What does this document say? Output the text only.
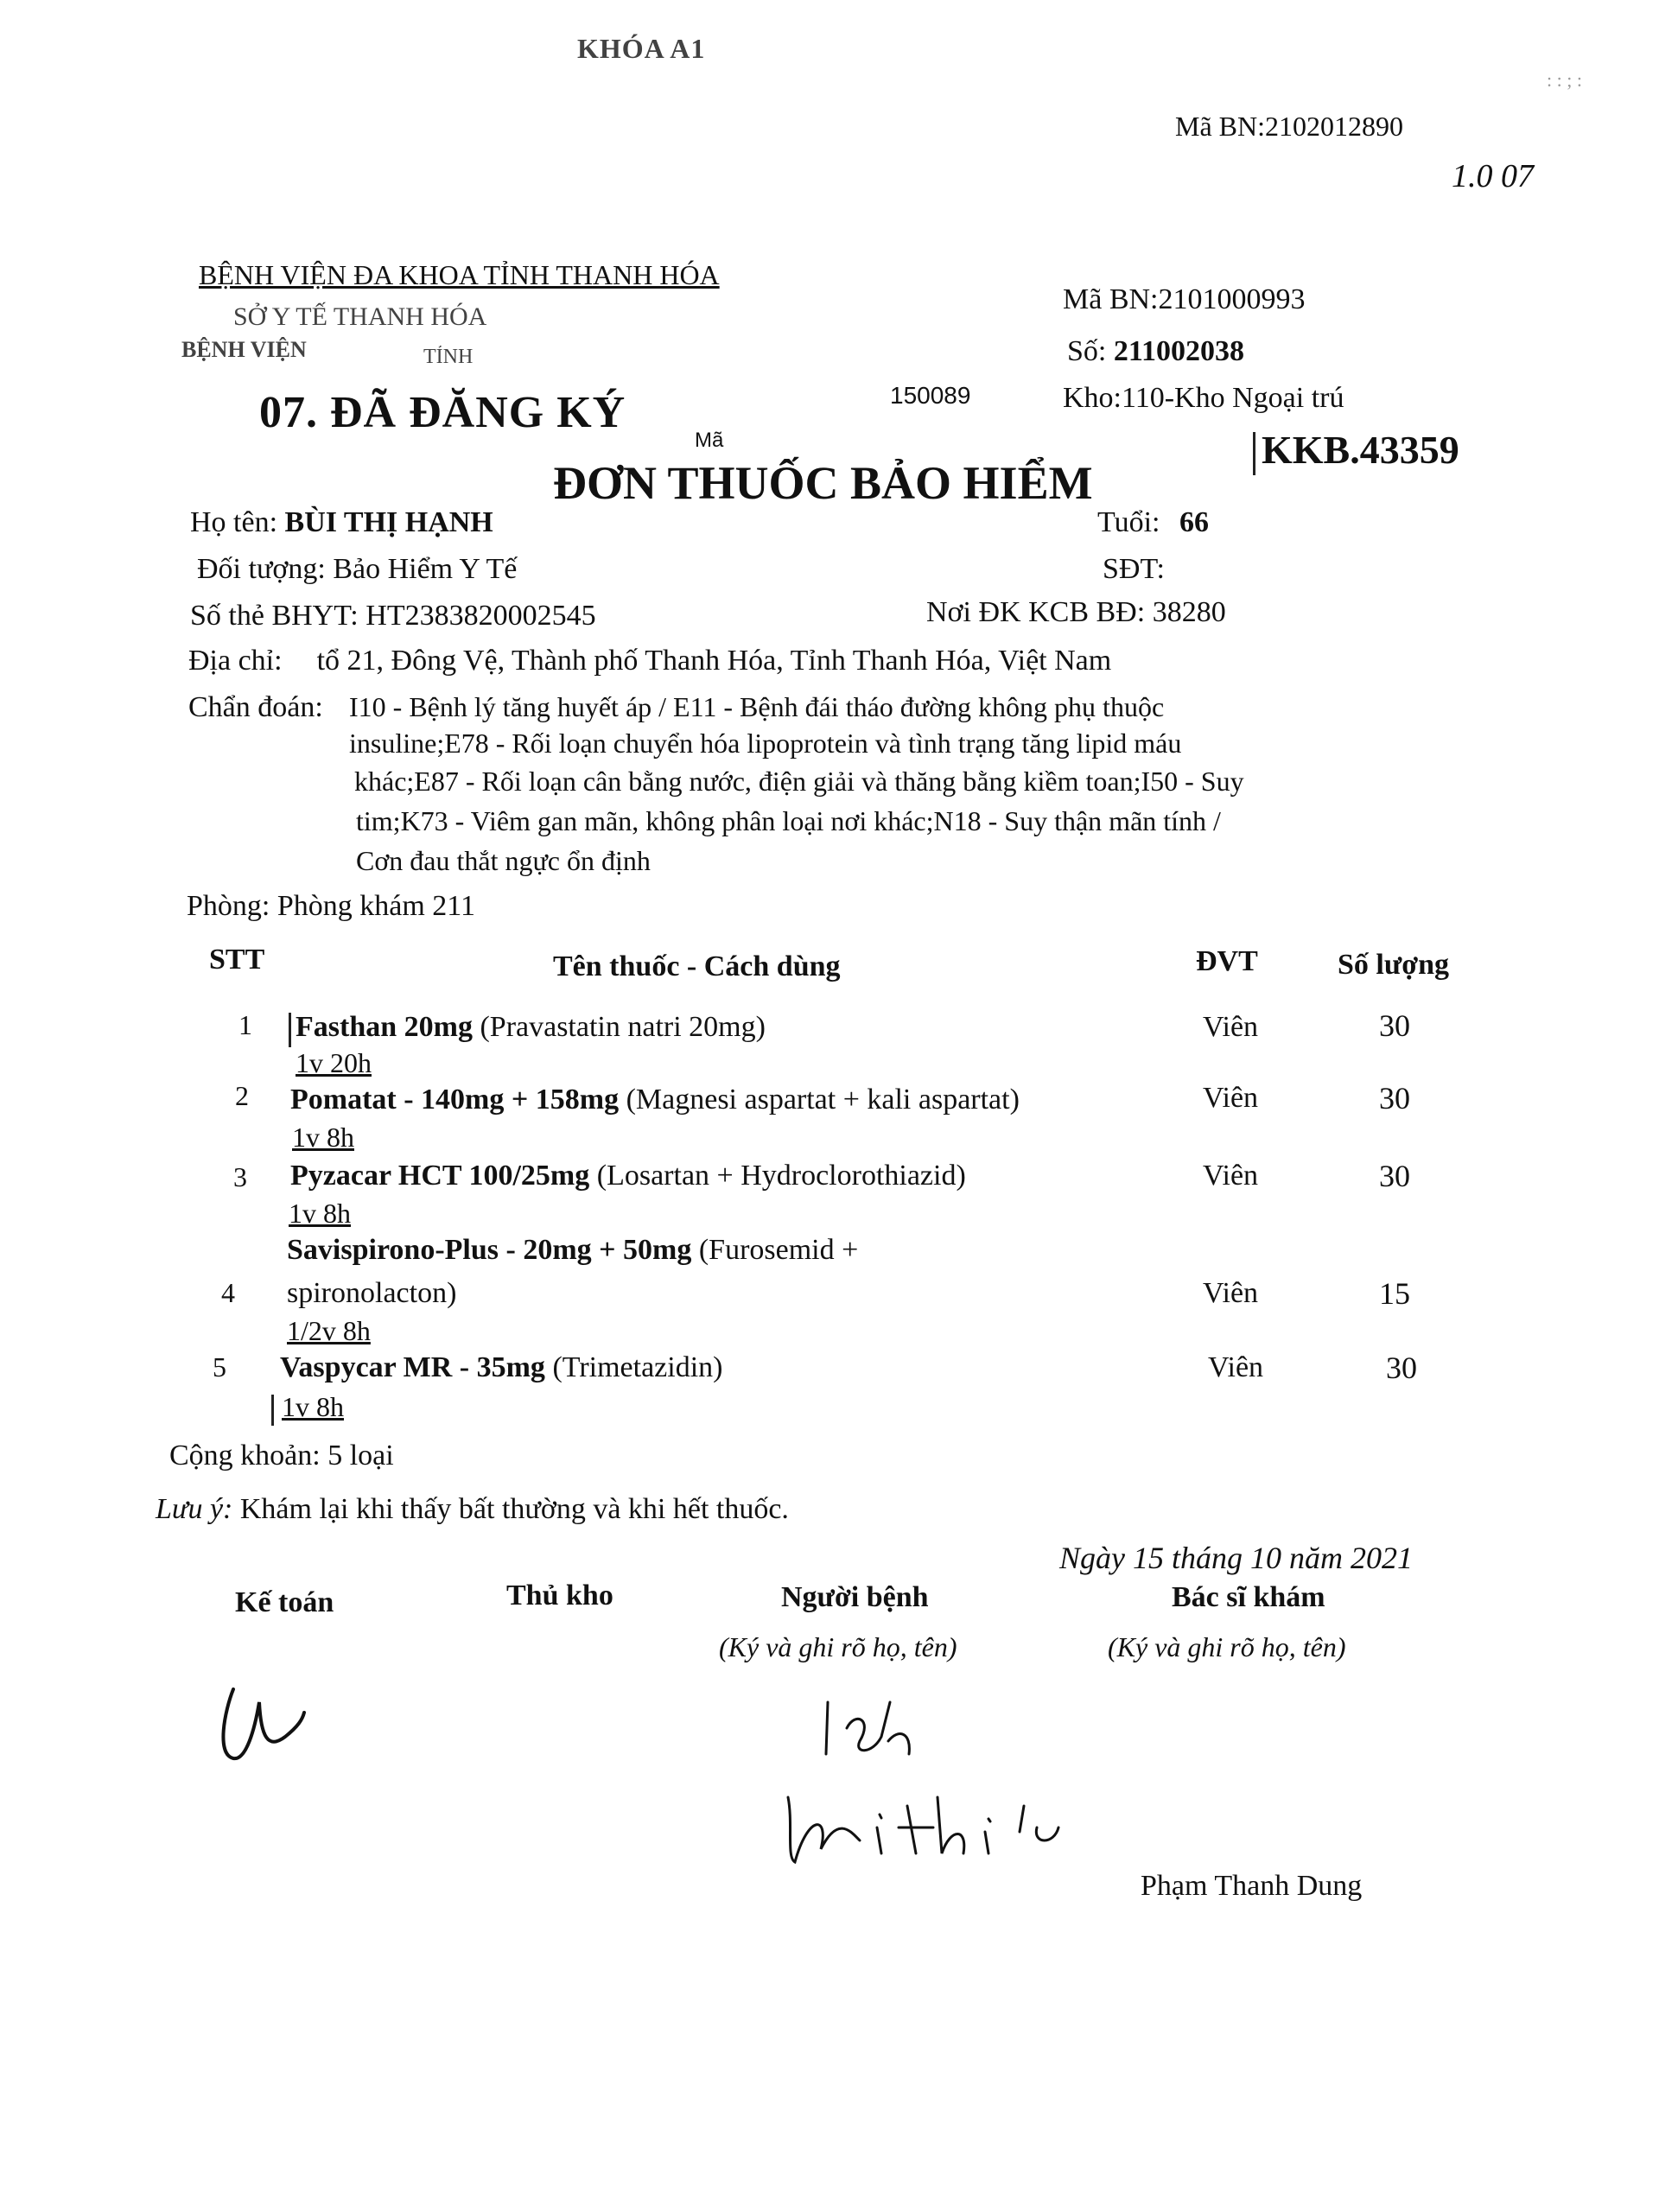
KHÓA A1
: : ; :
Mã BN:2102012890
1.0 07
BỆNH VIỆN ĐA KHOA TỈNH THANH HÓA
SỞ Y TẾ THANH HÓA
BỆNH VIỆN	TỈNH
07. ĐÃ ĐĂNG KÝ	150089
Mã
Mã BN:2101000993
Số: 211002038
Kho:110-Kho Ngoại trú
KKB.43359
ĐƠN THUỐC BẢO HIỂM
Họ tên: BÙI THỊ HẠNH	Tuổi: 66
Đối tượng: Bảo Hiểm Y Tế	SĐT:
Số thẻ BHYT: HT2383820002545	Nơi ĐK KCB BĐ: 38280
Địa chỉ: tổ 21, Đông Vệ, Thành phố Thanh Hóa, Tỉnh Thanh Hóa, Việt Nam
Chẩn đoán: I10 - Bệnh lý tăng huyết áp / E11 - Bệnh đái tháo đường không phụ thuộc
insuline;E78 - Rối loạn chuyển hóa lipoprotein và tình trạng tăng lipid máu
khác;E87 - Rối loạn cân bằng nước, điện giải và thăng bằng kiềm toan;I50 - Suy
tim;K73 - Viêm gan mãn, không phân loại nơi khác;N18 - Suy thận mãn tính /
Cơn đau thắt ngực ổn định
Phòng: Phòng khám 211
STT	Tên thuốc - Cách dùng	ĐVT	Số lượng
1 Fasthan 20mg (Pravastatin natri 20mg)
1v 20h
Viên	30
2 Pomatat - 140mg + 158mg (Magnesi aspartat + kali aspartat)
1v 8h
Viên	30
3 Pyzacar HCT 100/25mg (Losartan + Hydroclorothiazid)
1v 8h
Viên	30
Savispirono-Plus - 20mg + 50mg (Furosemid +
4 spironolacton)
1/2v 8h
Viên	15
5 Vaspycar MR - 35mg (Trimetazidin)
1v 8h
Viên	30
Cộng khoản: 5 loại
Lưu ý: Khám lại khi thấy bất thường và khi hết thuốc.
Ngày 15 tháng 10 năm 2021
Kế toán	Thủ kho	Người bệnh	Bác sĩ khám
(Ký và ghi rõ họ, tên)	(Ký và ghi rõ họ, tên)
Phạm Thanh Dung
